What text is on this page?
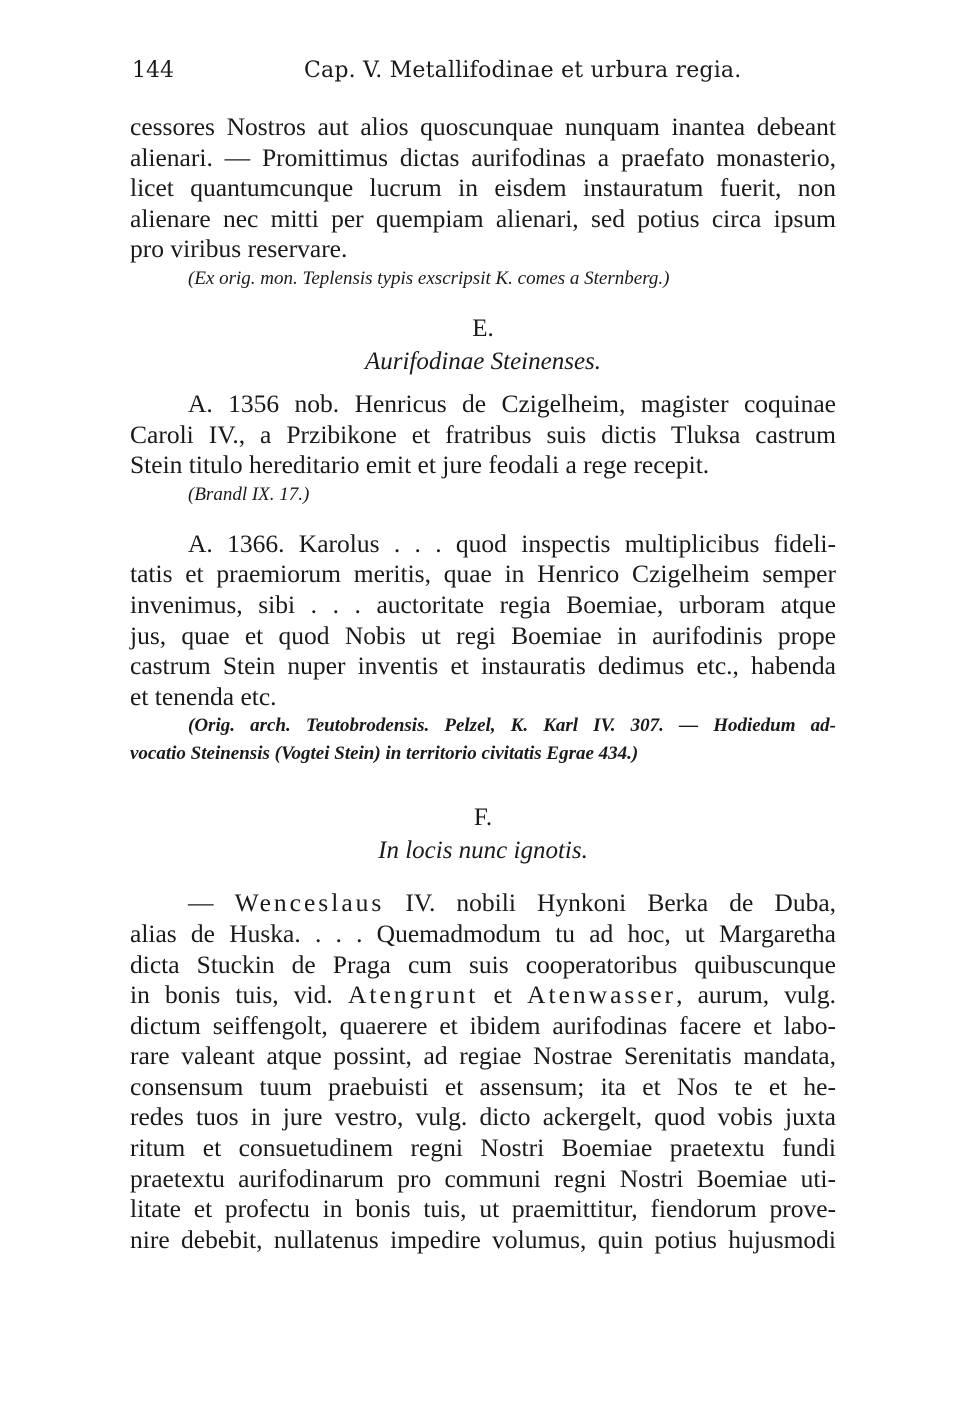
144	Cap. V. Metallifodinae et urbura regia.
cessores Nostros aut alios quoscunquae nunquam inantea debeant
alienari. — Promittimus dictas aurifodinas a praefato monasterio,
licet quantumcunque lucrum in eisdem instauratum fuerit, non
alienare nec mitti per quempiam alienari, sed potius circa ipsum
pro viribus reservare.
(Ex orig. mon. Teplensis typis exscripsit K. comes a Sternberg.)
E.
Aurifodinae Steinenses.
A. 1356 nob. Henricus de Czigelheim, magister coquinae
Caroli IV., a Przibikone et fratribus suis dictis Tluksa castrum
Stein titulo hereditario emit et jure feodali a rege recepit.
(Brandl IX. 17.)
A. 1366. Karolus . . . quod inspectis multiplicibus fideli-
tatis et praemiorum meritis, quae in Henrico Czigelheim semper
invenimus, sibi . . . auctoritate regia Boemiae, urboram atque
jus, quae et quod Nobis ut regi Boemiae in aurifodinis prope
castrum Stein nuper inventis et instauratis dedimus etc., habenda
et tenenda etc.
(Orig. arch. Teutobrodensis. Pelzel, K. Karl IV. 307. — Hodiedum ad-
vocatio Steinensis (Vogtei Stein) in territorio civitatis Egrae 434.)
F.
In locis nunc ignotis.
— Wenceslaus IV. nobili Hynkoni Berka de Duba,
alias de Huska. . . . Quemadmodum tu ad hoc, ut Margaretha
dicta Stuckin de Praga cum suis cooperatoribus quibuscunque
in bonis tuis, vid. Atengrunt et Atenwasser, aurum, vulg.
dictum seiffengolt, quaerere et ibidem aurifodinas facere et labo-
rare valeant atque possint, ad regiae Nostrae Serenitatis mandata,
consensum tuum praebuisti et assensum; ita et Nos te et he-
redes tuos in jure vestro, vulg. dicto ackergelt, quod vobis juxta
ritum et consuetudinem regni Nostri Boemiae praetextu fundi
praetextu aurifodinarum pro communi regni Nostri Boemiae uti-
litate et profectu in bonis tuis, ut praemittitur, fiendorum prove-
nire debebit, nullatenus impedire volumus, quin potius hujusmodi
